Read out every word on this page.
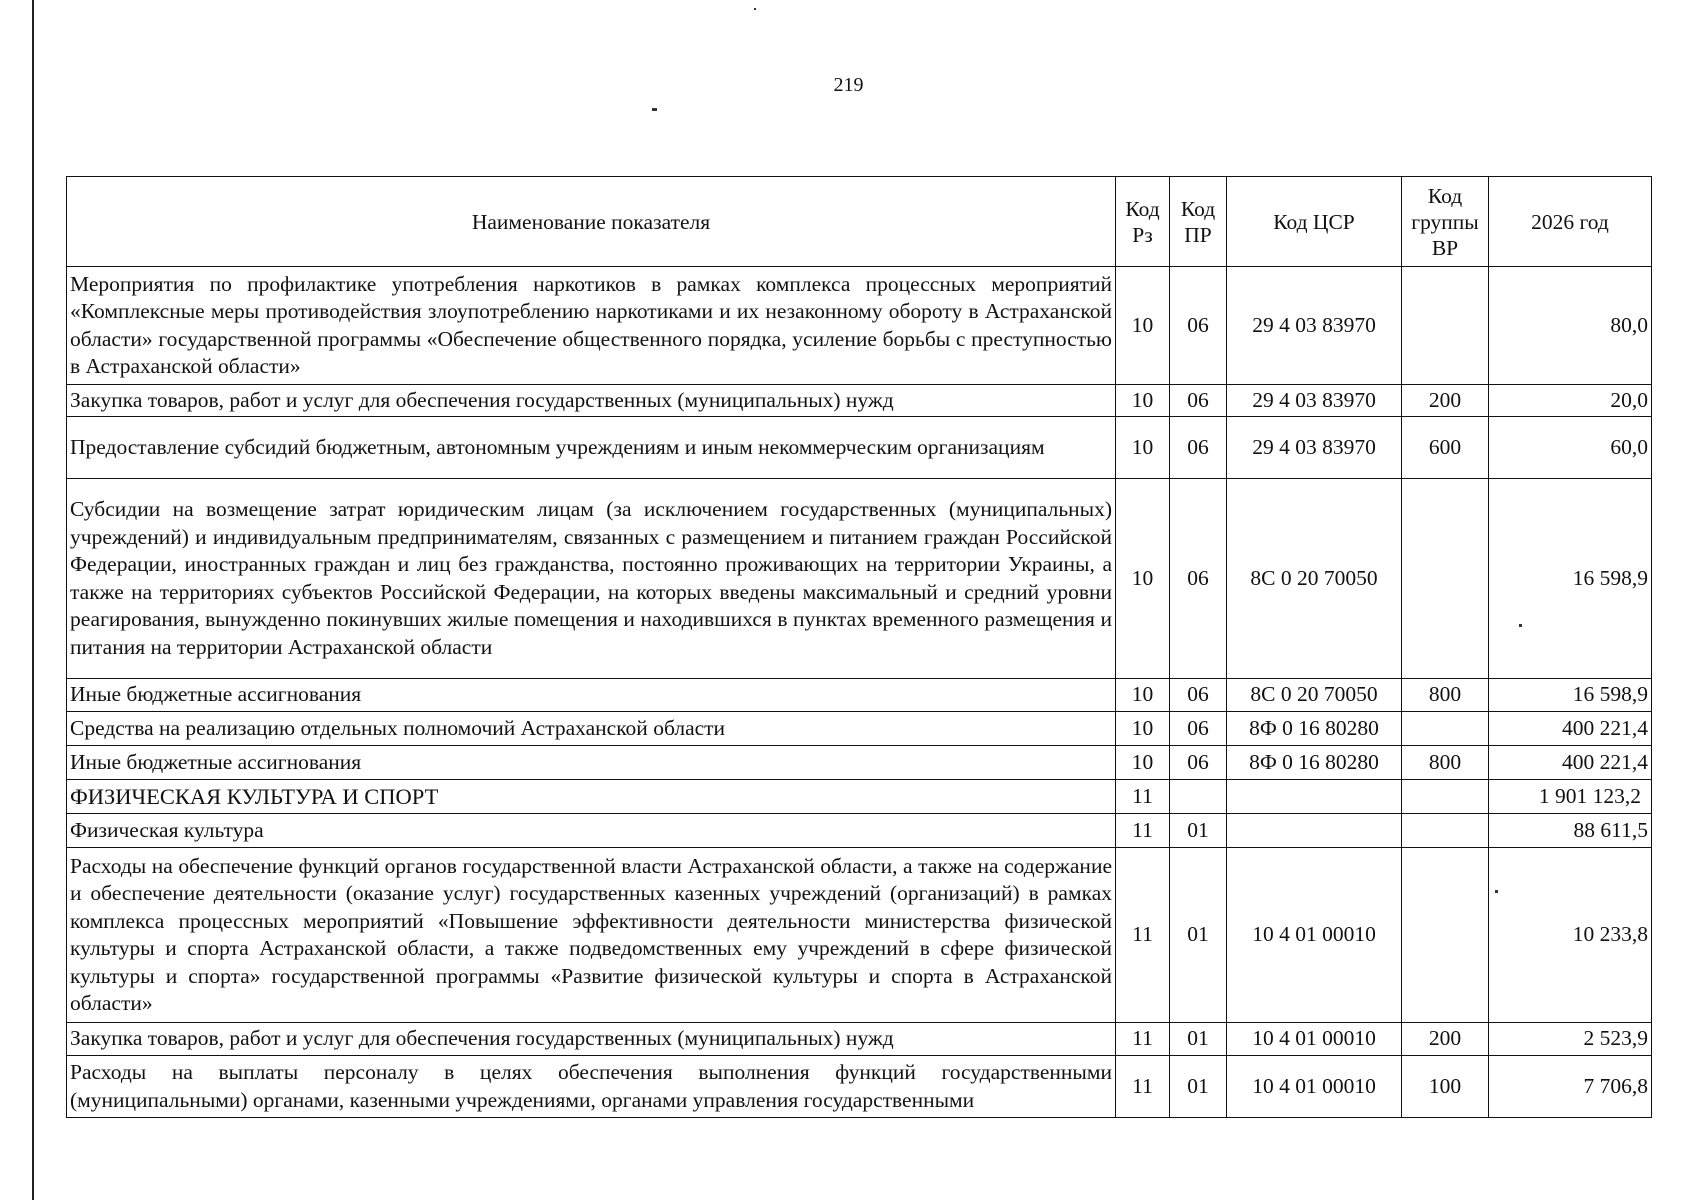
219
Наименование показателя	Код Рз	Код ПР	Код ЦСР	Код группы ВР	2026 год
Мероприятия по профилактике употребления наркотиков в рамках комплекса процессных мероприятий «Комплексные меры противодействия злоупотреблению наркотиками и их незаконному обороту в Астраханской области» государственной программы «Обеспечение общественного порядка, усиление борьбы с преступностью в Астраханской области»	10	06	29 4 03 83970		80,0
Закупка товаров, работ и услуг для обеспечения государственных (муниципальных) нужд	10	06	29 4 03 83970	200	20,0
Предоставление субсидий бюджетным, автономным учреждениям и иным некоммерческим организациям	10	06	29 4 03 83970	600	60,0
Субсидии на возмещение затрат юридическим лицам (за исключением государственных (муниципальных) учреждений) и индивидуальным предпринимателям, связанных с размещением и питанием граждан Российской Федерации, иностранных граждан и лиц без гражданства, постоянно проживающих на территории Украины, а также на территориях субъектов Российской Федерации, на которых введены максимальный и средний уровни реагирования, вынужденно покинувших жилые помещения и находившихся в пунктах временного размещения и питания на территории Астраханской области	10	06	8С 0 20 70050		16 598,9
Иные бюджетные ассигнования	10	06	8С 0 20 70050	800	16 598,9
Средства на реализацию отдельных полномочий Астраханской области	10	06	8Ф 0 16 80280		400 221,4
Иные бюджетные ассигнования	10	06	8Ф 0 16 80280	800	400 221,4
ФИЗИЧЕСКАЯ КУЛЬТУРА И СПОРТ	11				1 901 123,2
Физическая культура	11	01			88 611,5
Расходы на обеспечение функций органов государственной власти Астраханской области, а также на содержание и обеспечение деятельности (оказание услуг) государственных казенных учреждений (организаций) в рамках комплекса процессных мероприятий «Повышение эффективности деятельности министерства физической культуры и спорта Астраханской области, а также подведомственных ему учреждений в сфере физической культуры и спорта» государственной программы «Развитие физической культуры и спорта в Астраханской области»	11	01	10 4 01 00010		10 233,8
Закупка товаров, работ и услуг для обеспечения государственных (муниципальных) нужд	11	01	10 4 01 00010	200	2 523,9
Расходы на выплаты персоналу в целях обеспечения выполнения функций государственными (муниципальными) органами, казенными учреждениями, органами управления государственными	11	01	10 4 01 00010	100	7 706,8
